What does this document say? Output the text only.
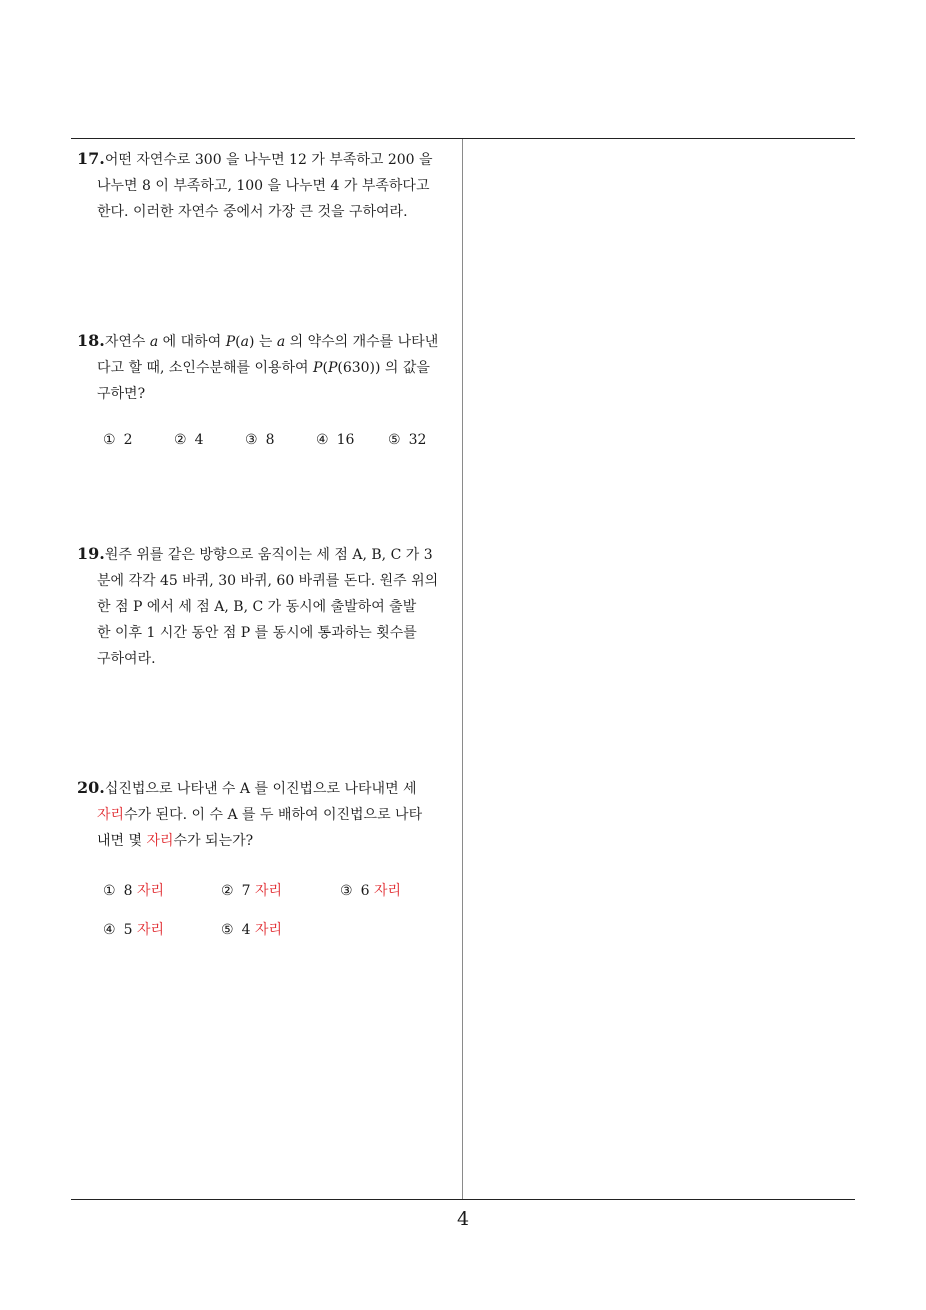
17.어떤 자연수로 300 을 나누면 12 가 부족하고 200 을
나누면 8 이 부족하고, 100 을 나누면 4 가 부족하다고
한다. 이러한 자연수 중에서 가장 큰 것을 구하여라.
18.자연수 a 에 대하여 P(a) 는 a 의 약수의 개수를 나타낸
다고 할 때, 소인수분해를 이용하여 P(P(630)) 의 값을
구하면?
① 2	② 4	③ 8	④ 16 ⑤ 32
19.원주 위를 같은 방향으로 움직이는 세 점 A, B, C 가 3
분에 각각 45 바퀴, 30 바퀴, 60 바퀴를 돈다. 원주 위의
한 점 P 에서 세 점 A, B, C 가 동시에 출발하여 출발
한 이후 1 시간 동안 점 P 를 동시에 통과하는 횟수를
구하여라.
20.십진법으로 나타낸 수 A 를 이진법으로 나타내면 세
자리수가 된다. 이 수 A 를 두 배하여 이진법으로 나타
내면 몇 자리수가 되는가?
① 8 자리	② 7 자리	③ 6 자리
④ 5 자리	⑤ 4 자리
4
